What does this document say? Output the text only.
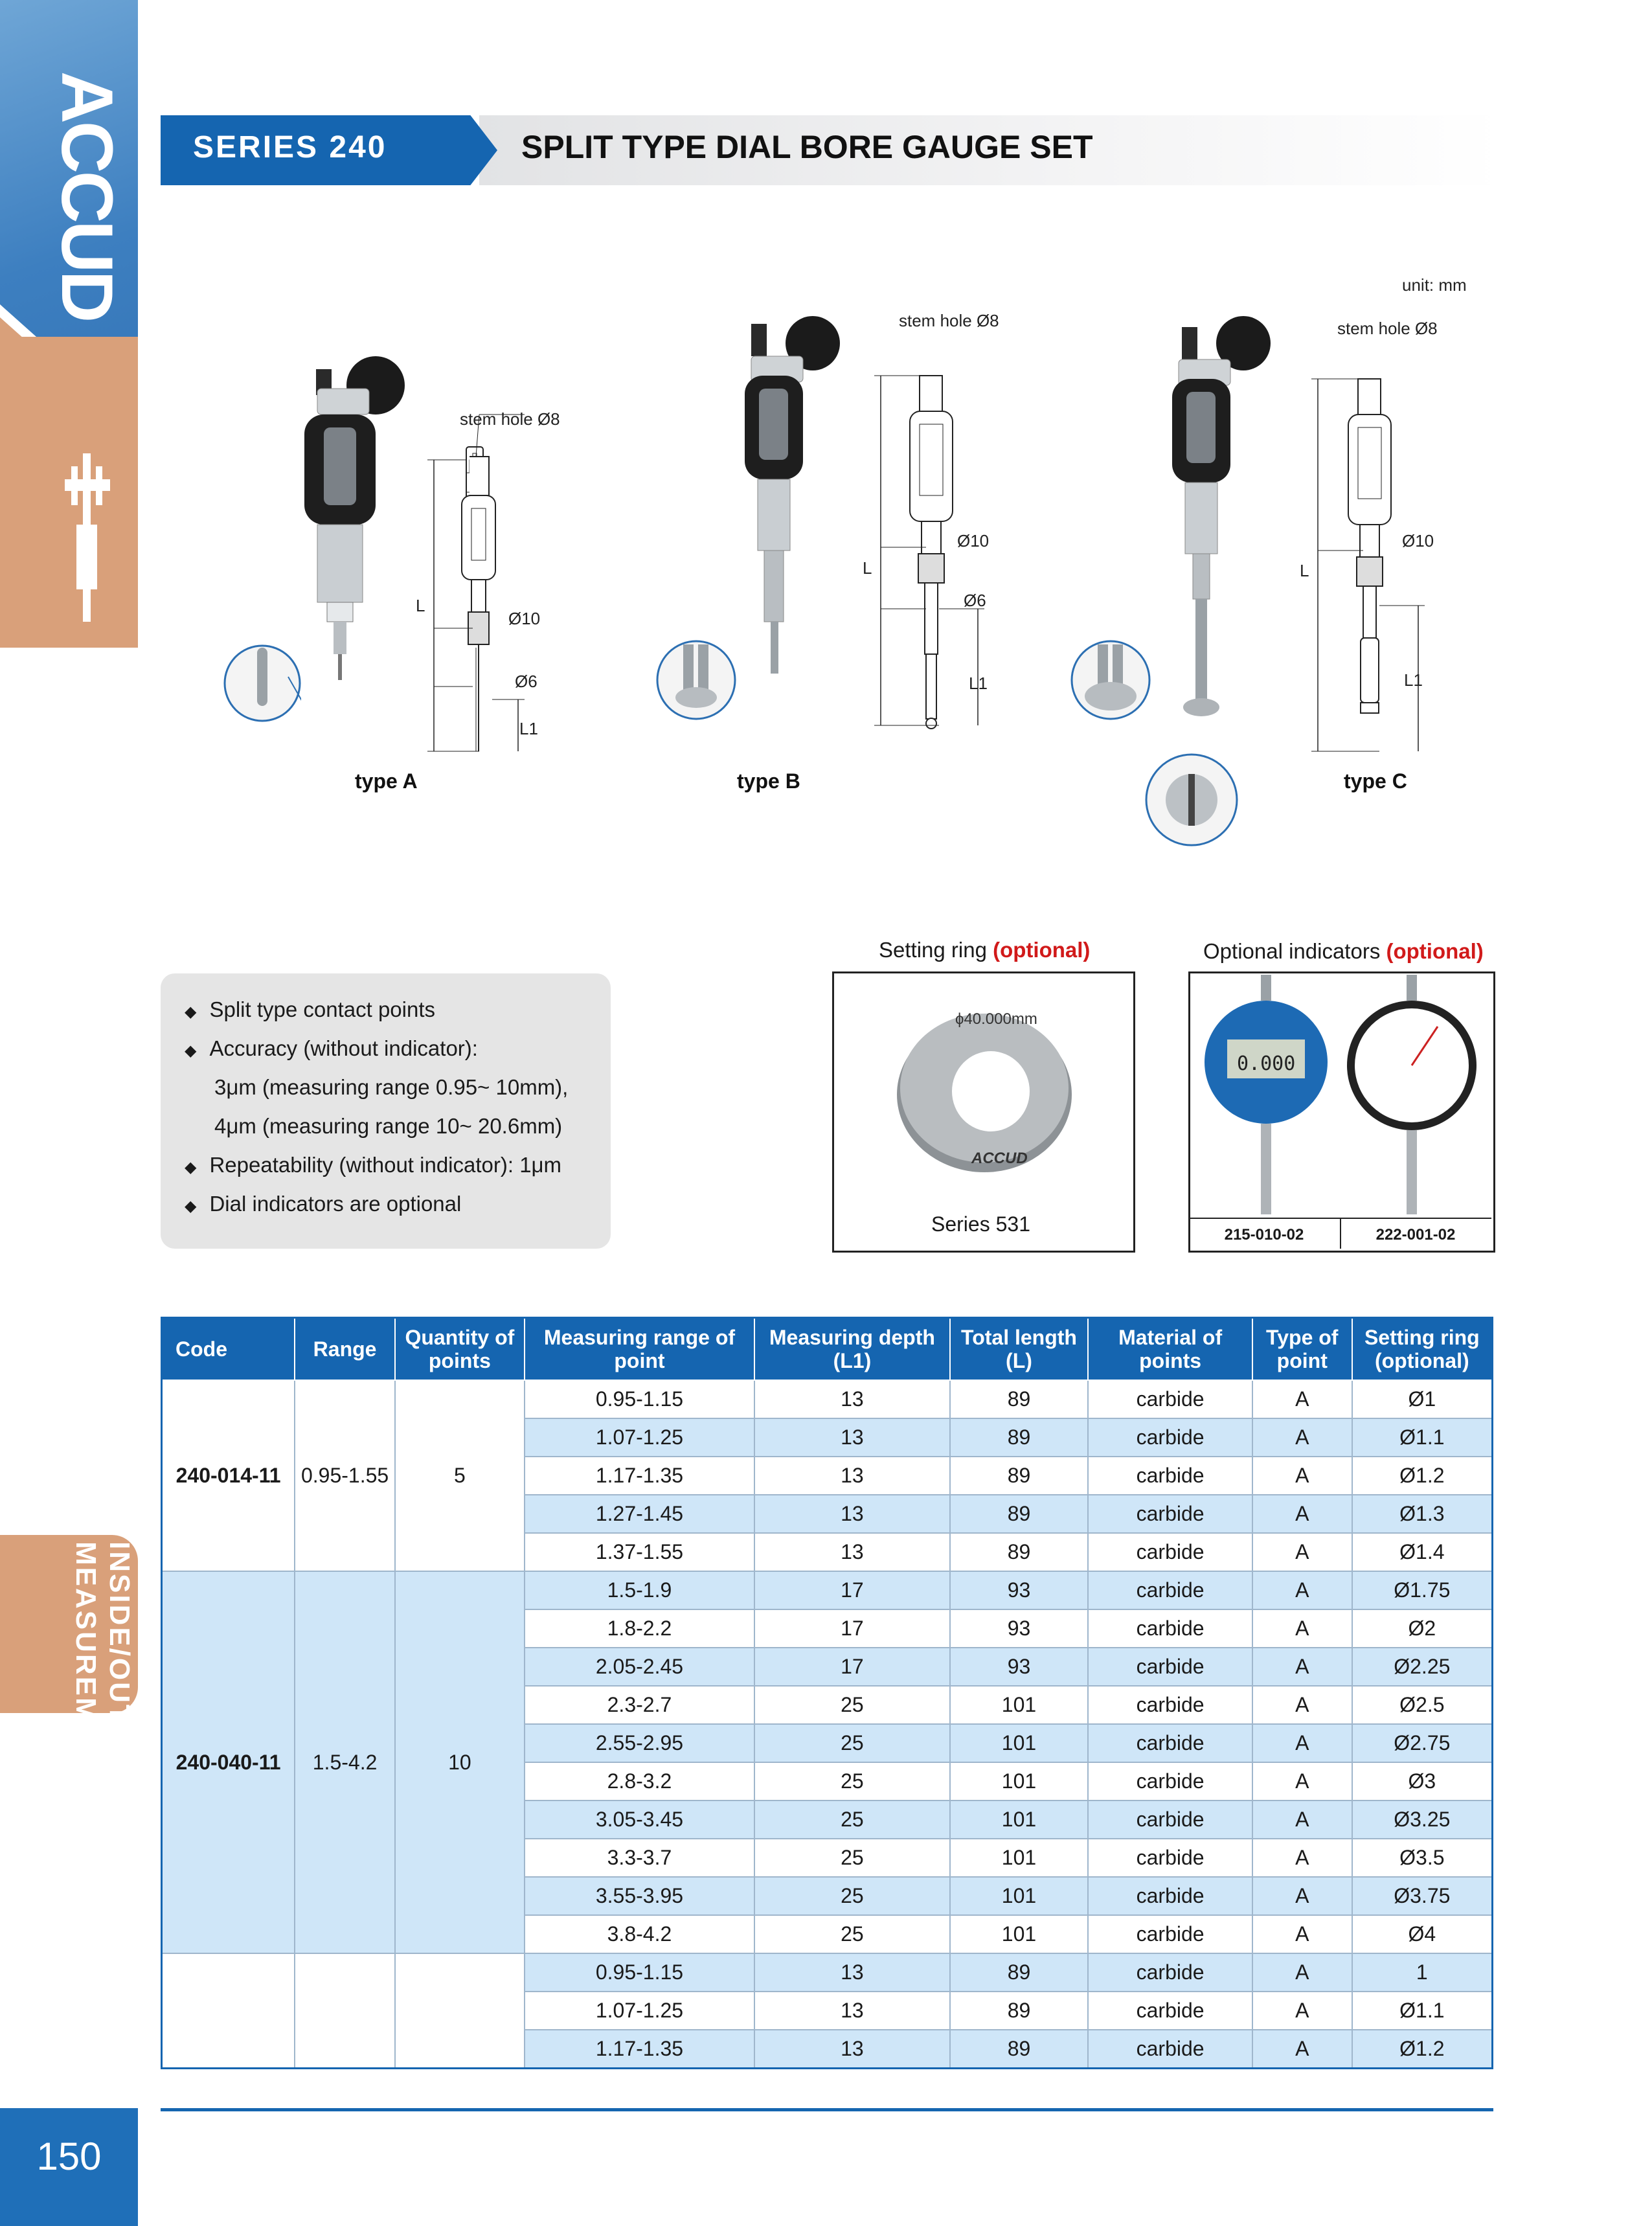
ACCUD
INSIDE/OUTSIDE MEASUREMENT
150
SERIES 240	SPLIT TYPE DIAL BORE GAUGE SET
unit: mm
stem hole Ø8
Ø10
Ø6
L
L1
type A
stem hole Ø8
Ø10
Ø6
L
L1
type B
stem hole Ø8
Ø10
L
L1
type C
◆ Split type contact points
◆ Accuracy (without indicator):
3μm (measuring range 0.95~ 10mm),
4μm (measuring range 10~ 20.6mm)
◆ Repeatability (without indicator): 1μm
◆ Dial indicators are optional
Setting ring (optional)
ϕ40.000mm
ACCUD
Series 531
Optional indicators (optional)
0.000
215-010-02	222-001-02
Code	Range	Quantity of points	Measuring range of point	Measuring depth (L1)	Total length (L)	Material of points	Type of point	Setting ring (optional)
240-014-11	0.95-1.55	5	0.95-1.15	13	89	carbide	A	Ø1
			1.07-1.25	13	89	carbide	A	Ø1.1
			1.17-1.35	13	89	carbide	A	Ø1.2
			1.27-1.45	13	89	carbide	A	Ø1.3
			1.37-1.55	13	89	carbide	A	Ø1.4
240-040-11	1.5-4.2	10	1.5-1.9	17	93	carbide	A	Ø1.75
			1.8-2.2	17	93	carbide	A	Ø2
			2.05-2.45	17	93	carbide	A	Ø2.25
			2.3-2.7	25	101	carbide	A	Ø2.5
			2.55-2.95	25	101	carbide	A	Ø2.75
			2.8-3.2	25	101	carbide	A	Ø3
			3.05-3.45	25	101	carbide	A	Ø3.25
			3.3-3.7	25	101	carbide	A	Ø3.5
			3.55-3.95	25	101	carbide	A	Ø3.75
			3.8-4.2	25	101	carbide	A	Ø4
			0.95-1.15	13	89	carbide	A	1
			1.07-1.25	13	89	carbide	A	Ø1.1
			1.17-1.35	13	89	carbide	A	Ø1.2
